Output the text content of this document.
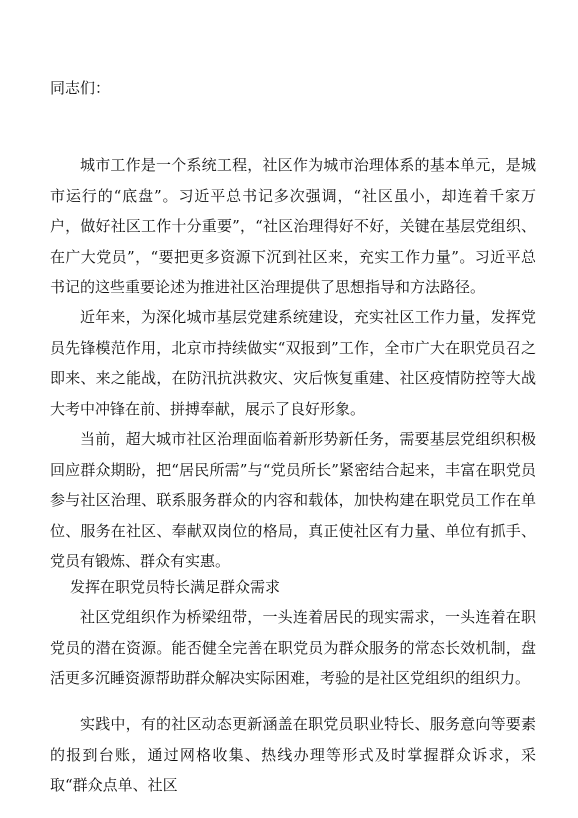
同志们：

城市工作是一个系统工程，社区作为城市治理体系的基本单元，是城市运行的“底盘”。习近平总书记多次强调，“社区虽小，却连着千家万户，做好社区工作十分重要”，“社区治理得好不好，关键在基层党组织、在广大党员”，“要把更多资源下沉到社区来，充实工作力量”。习近平总书记的这些重要论述为推进社区治理提供了思想指导和方法路径。

近年来，为深化城市基层党建系统建设，充实社区工作力量，发挥党员先锋模范作用，北京市持续做实“双报到”工作，全市广大在职党员召之即来、来之能战，在防汛抗洪救灾、灾后恢复重建、社区疫情防控等大战大考中冲锋在前、拼搏奉献，展示了良好形象。

当前，超大城市社区治理面临着新形势新任务，需要基层党组织积极回应群众期盼，把“居民所需”与“党员所长”紧密结合起来，丰富在职党员参与社区治理、联系服务群众的内容和载体，加快构建在职党员工作在单位、服务在社区、奉献双岗位的格局，真正使社区有力量、单位有抓手、党员有锻炼、群众有实惠。

发挥在职党员特长满足群众需求

社区党组织作为桥梁纽带，一头连着居民的现实需求，一头连着在职党员的潜在资源。能否健全完善在职党员为群众服务的常态长效机制，盘活更多沉睡资源帮助群众解决实际困难，考验的是社区党组织的组织力。

实践中，有的社区动态更新涵盖在职党员职业特长、服务意向等要素的报到台账，通过网格收集、热线办理等形式及时掌握群众诉求，采取“群众点单、社区
